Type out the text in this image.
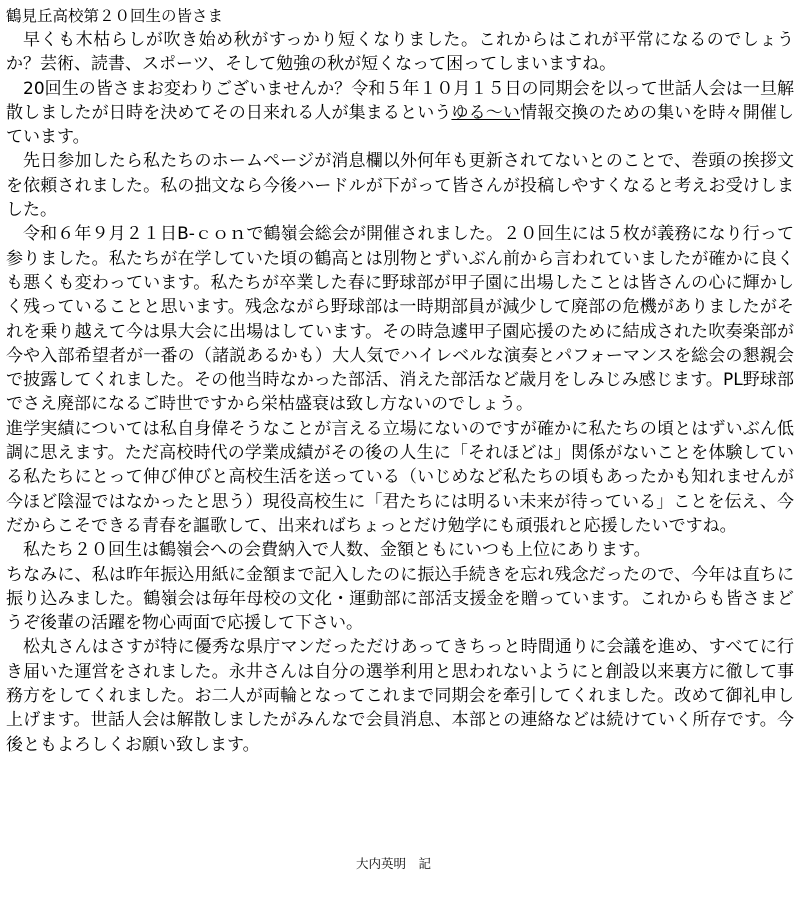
鶴見丘高校第２０回生の皆さま

早くも木枯らしが吹き始め秋がすっかり短くなりました。これからはこれが平常になるのでしょうか？芸術、読書、スポーツ、そして勉強の秋が短くなって困ってしまいますね。

20回生の皆さまお変わりございませんか？令和５年１０月１５日の同期会を以って世話人会は一旦解散しましたが日時を決めてその日来れる人が集まるというゆる～い情報交換のための集いを時々開催しています。

先日参加したら私たちのホームページが消息欄以外何年も更新されてないとのことで、巻頭の挨拶文を依頼されました。私の拙文なら今後ハードルが下がって皆さんが投稿しやすくなると考えお受けしました。

令和６年９月２１日B-ｃｏｎで鶴嶺会総会が開催されました。２０回生には５枚が義務になり行って参りました。私たちが在学していた頃の鶴高とは別物とずいぶん前から言われていましたが確かに良くも悪くも変わっています。私たちが卒業した春に野球部が甲子園に出場したことは皆さんの心に輝かしく残っていることと思います。残念ながら野球部は一時期部員が減少して廃部の危機がありましたがそれを乗り越えて今は県大会に出場はしています。その時急遽甲子園応援のために結成された吹奏楽部が今や入部希望者が一番の（諸説あるかも）大人気でハイレベルな演奏とパフォーマンスを総会の懇親会で披露してくれました。その他当時なかった部活、消えた部活など歳月をしみじみ感じます。PL野球部でさえ廃部になるご時世ですから栄枯盛衰は致し方ないのでしょう。

進学実績については私自身偉そうなことが言える立場にないのですが確かに私たちの頃とはずいぶん低調に思えます。ただ高校時代の学業成績がその後の人生に「それほどは」関係がないことを体験している私たちにとって伸び伸びと高校生活を送っている（いじめなど私たちの頃もあったかも知れませんが今ほど陰湿ではなかったと思う）現役高校生に「君たちには明るい未来が待っている」ことを伝え、今だからこそできる青春を謳歌して、出来ればちょっとだけ勉学にも頑張れと応援したいですね。

私たち２０回生は鶴嶺会への会費納入で人数、金額ともにいつも上位にあります。

ちなみに、私は昨年振込用紙に金額まで記入したのに振込手続きを忘れ残念だったので、今年は直ちに振り込みました。鶴嶺会は毎年母校の文化・運動部に部活支援金を贈っています。これからも皆さまどうぞ後輩の活躍を物心両面で応援して下さい。

松丸さんはさすが特に優秀な県庁マンだっただけあってきちっと時間通りに会議を進め、すべてに行き届いた運営をされました。永井さんは自分の選挙利用と思われないようにと創設以来裏方に徹して事務方をしてくれました。お二人が両輪となってこれまで同期会を牽引してくれました。改めて御礼申し上げます。世話人会は解散しましたがみんなで会員消息、本部との連絡などは続けていく所存です。今後ともよろしくお願い致します。

大内英明　記
